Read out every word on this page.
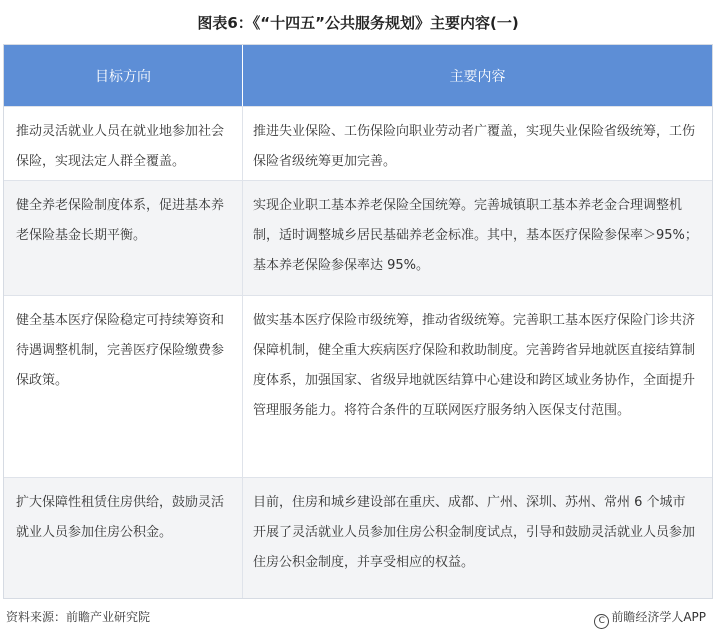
图表6：《“十四五”公共服务规划》主要内容(一)
目标方向	主要内容
推动灵活就业人员在就业地参加社会保险，实现法定人群全覆盖。
推进失业保险、工伤保险向职业劳动者广覆盖，实现失业保险省级统筹，工伤保险省级统筹更加完善。
健全养老保险制度体系，促进基本养老保险基金长期平衡。
实现企业职工基本养老保险全国统筹。完善城镇职工基本养老金合理调整机制，适时调整城乡居民基础养老金标准。其中，基本医疗保险参保率＞95%；基本养老保险参保率达 95%。
健全基本医疗保险稳定可持续筹资和待遇调整机制，完善医疗保险缴费参保政策。
做实基本医疗保险市级统筹，推动省级统筹。完善职工基本医疗保险门诊共济保障机制，健全重大疾病医疗保险和救助制度。完善跨省异地就医直接结算制度体系，加强国家、省级异地就医结算中心建设和跨区域业务协作，全面提升管理服务能力。将符合条件的互联网医疗服务纳入医保支付范围。
扩大保障性租赁住房供给，鼓励灵活就业人员参加住房公积金。
目前，住房和城乡建设部在重庆、成都、广州、深圳、苏州、常州 6 个城市开展了灵活就业人员参加住房公积金制度试点，引导和鼓励灵活就业人员参加住房公积金制度，并享受相应的权益。
资料来源：前瞻产业研究院	C 前瞻经济学人APP
